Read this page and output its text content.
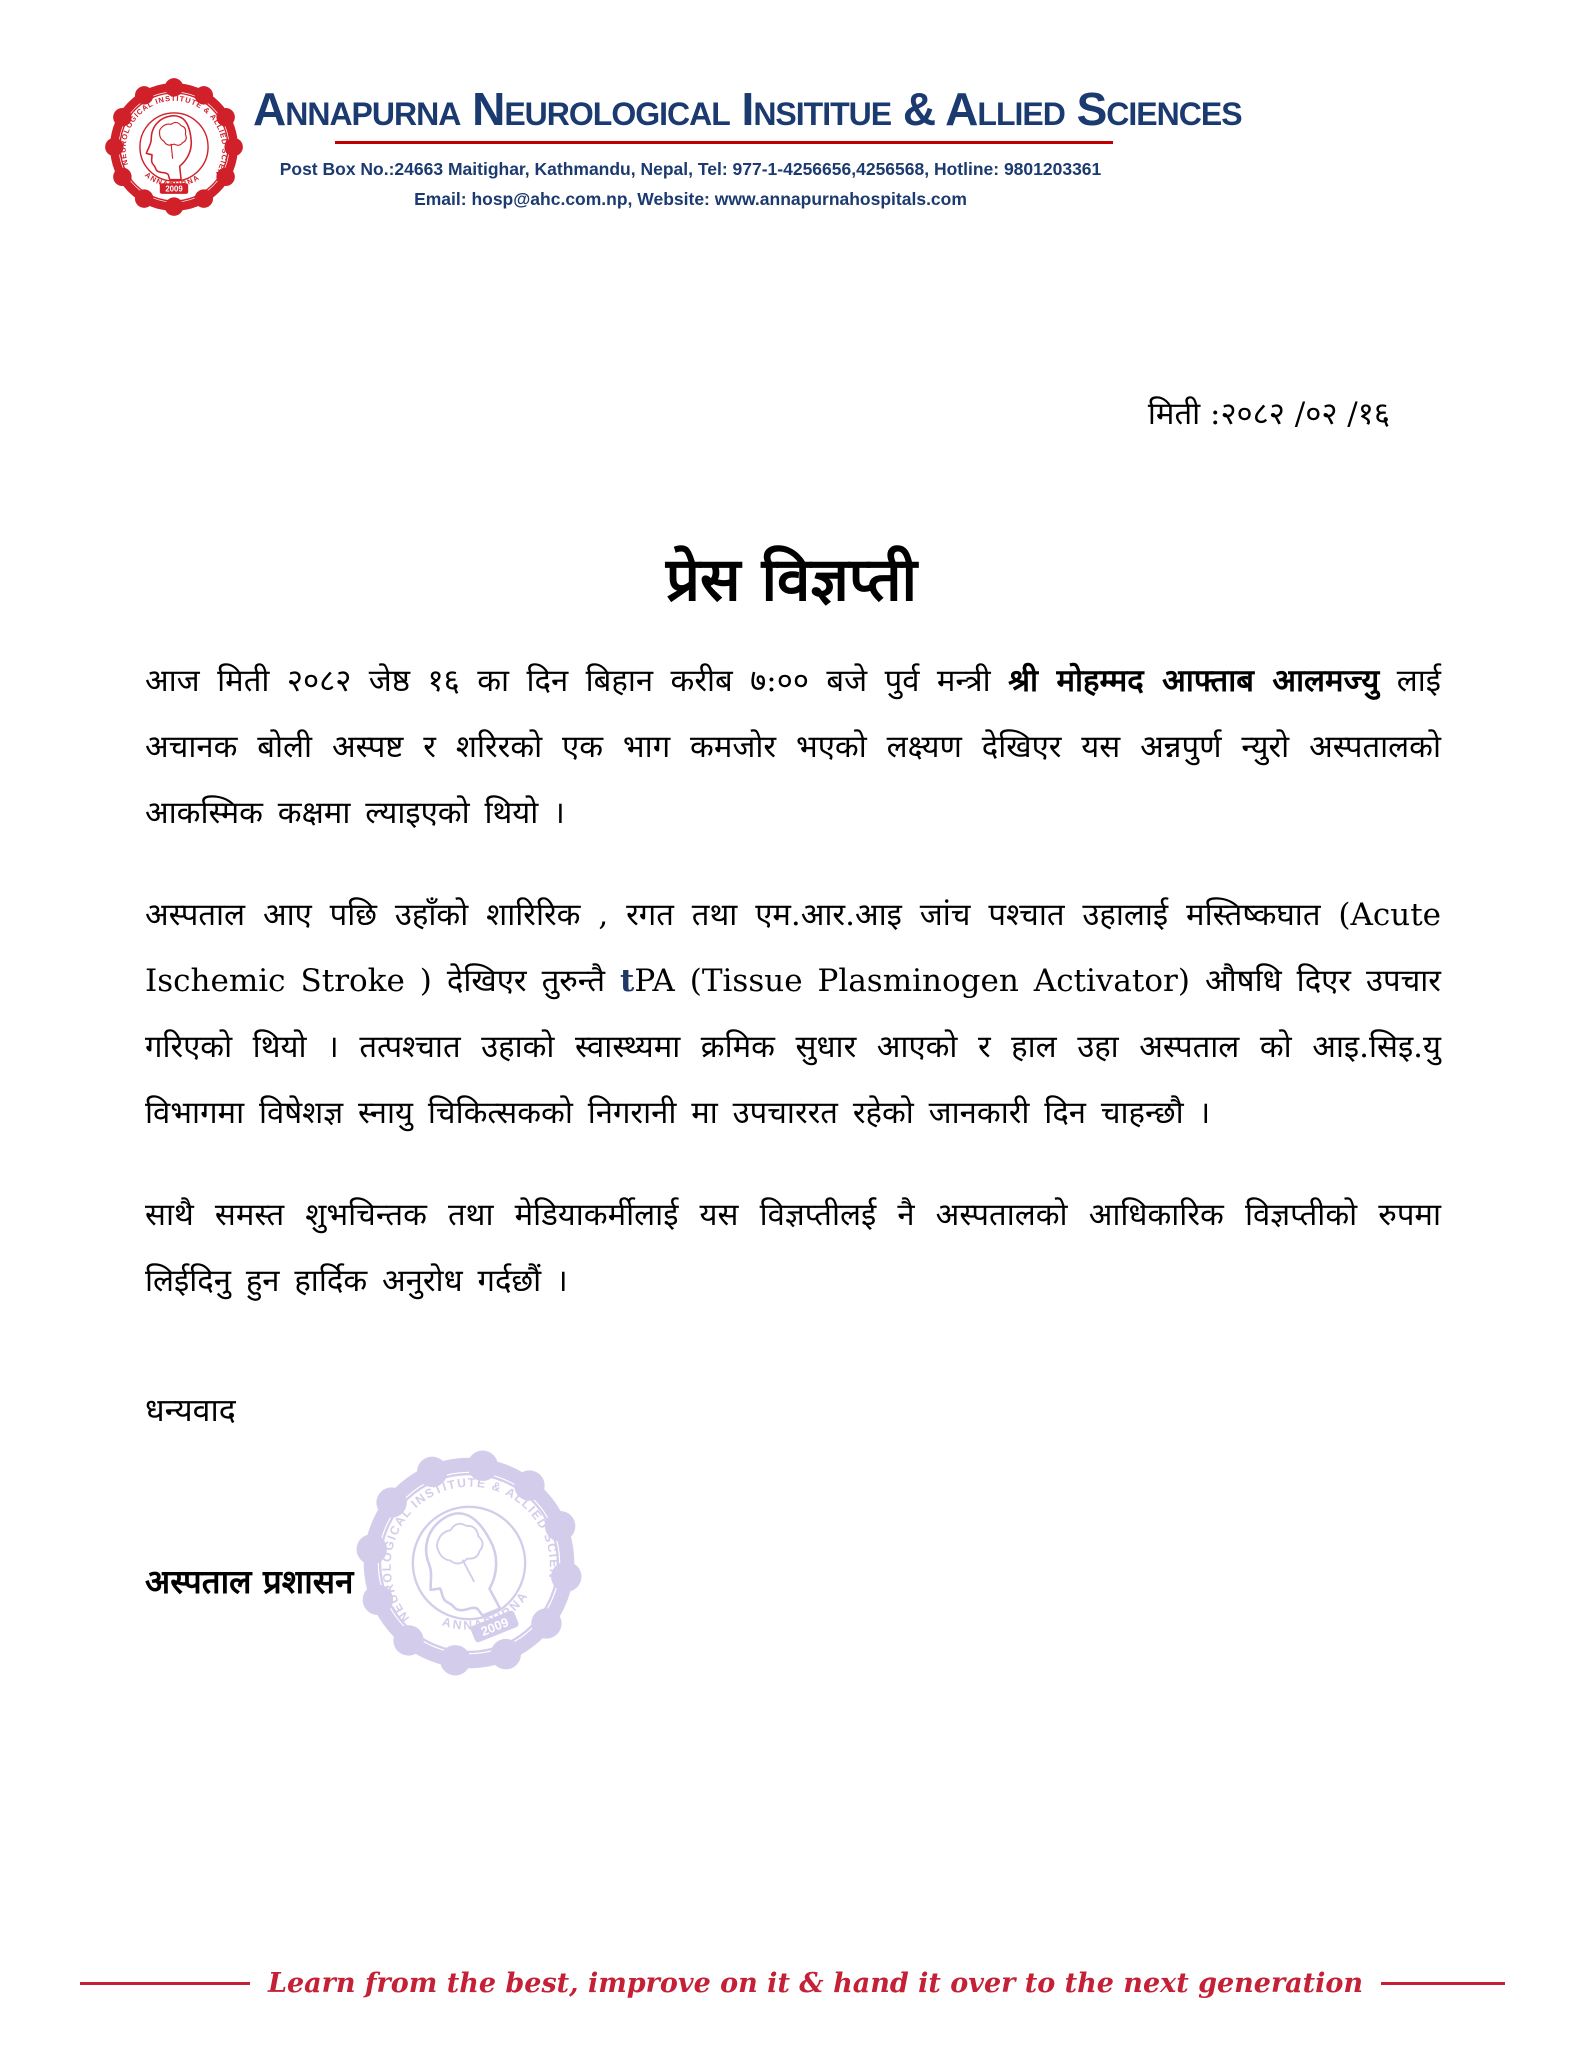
Annapurna Neurological Insititue & Allied Sciences
Post Box No.:24663 Maitighar, Kathmandu, Nepal, Tel: 977-1-4256656,4256568, Hotline: 9801203361
Email: hosp@ahc.com.np, Website: www.annapurnahospitals.com
मिती :२०८२ /०२ /१६
प्रेस विज्ञप्ती

आज मिती २०८२ जेष्ठ १६ का दिन बिहान करीब ७:०० बजे पुर्व मन्त्री श्री मोहम्मद आफ्ताब आलमज्यु लाई अचानक बोली अस्पष्ट र शरिरको एक भाग कमजोर भएको लक्ष्यण देखिएर यस अन्नपुर्ण न्युरो अस्पतालको आकस्मिक कक्षमा ल्याइएको थियो ।

अस्पताल आए पछि उहाँको शारिरिक , रगत तथा एम.आर.आइ जांच पश्चात उहालाई मस्तिष्कघात (Acute Ischemic Stroke ) देखिएर तुरुन्तै tPA (Tissue Plasminogen Activator) औषधि दिएर उपचार गरिएको थियो । तत्पश्चात उहाको स्वास्थ्यमा क्रमिक सुधार आएको र हाल उहा अस्पताल को आइ.सिइ.यु विभागमा विषेशज्ञ स्नायु चिकित्सकको निगरानी मा उपचाररत रहेको जानकारी दिन चाहन्छौ ।

साथै समस्त शुभचिन्तक तथा मेडियाकर्मीलाई यस विज्ञप्तीलर्ई नै अस्पतालको आधिकारिक विज्ञप्तीको रुपमा लिईदिनु हुन हार्दिक अनुरोध गर्दछौं ।

धन्यवाद
अस्पताल प्रशासन
Learn from the best, improve on it & hand it over to the next generation
